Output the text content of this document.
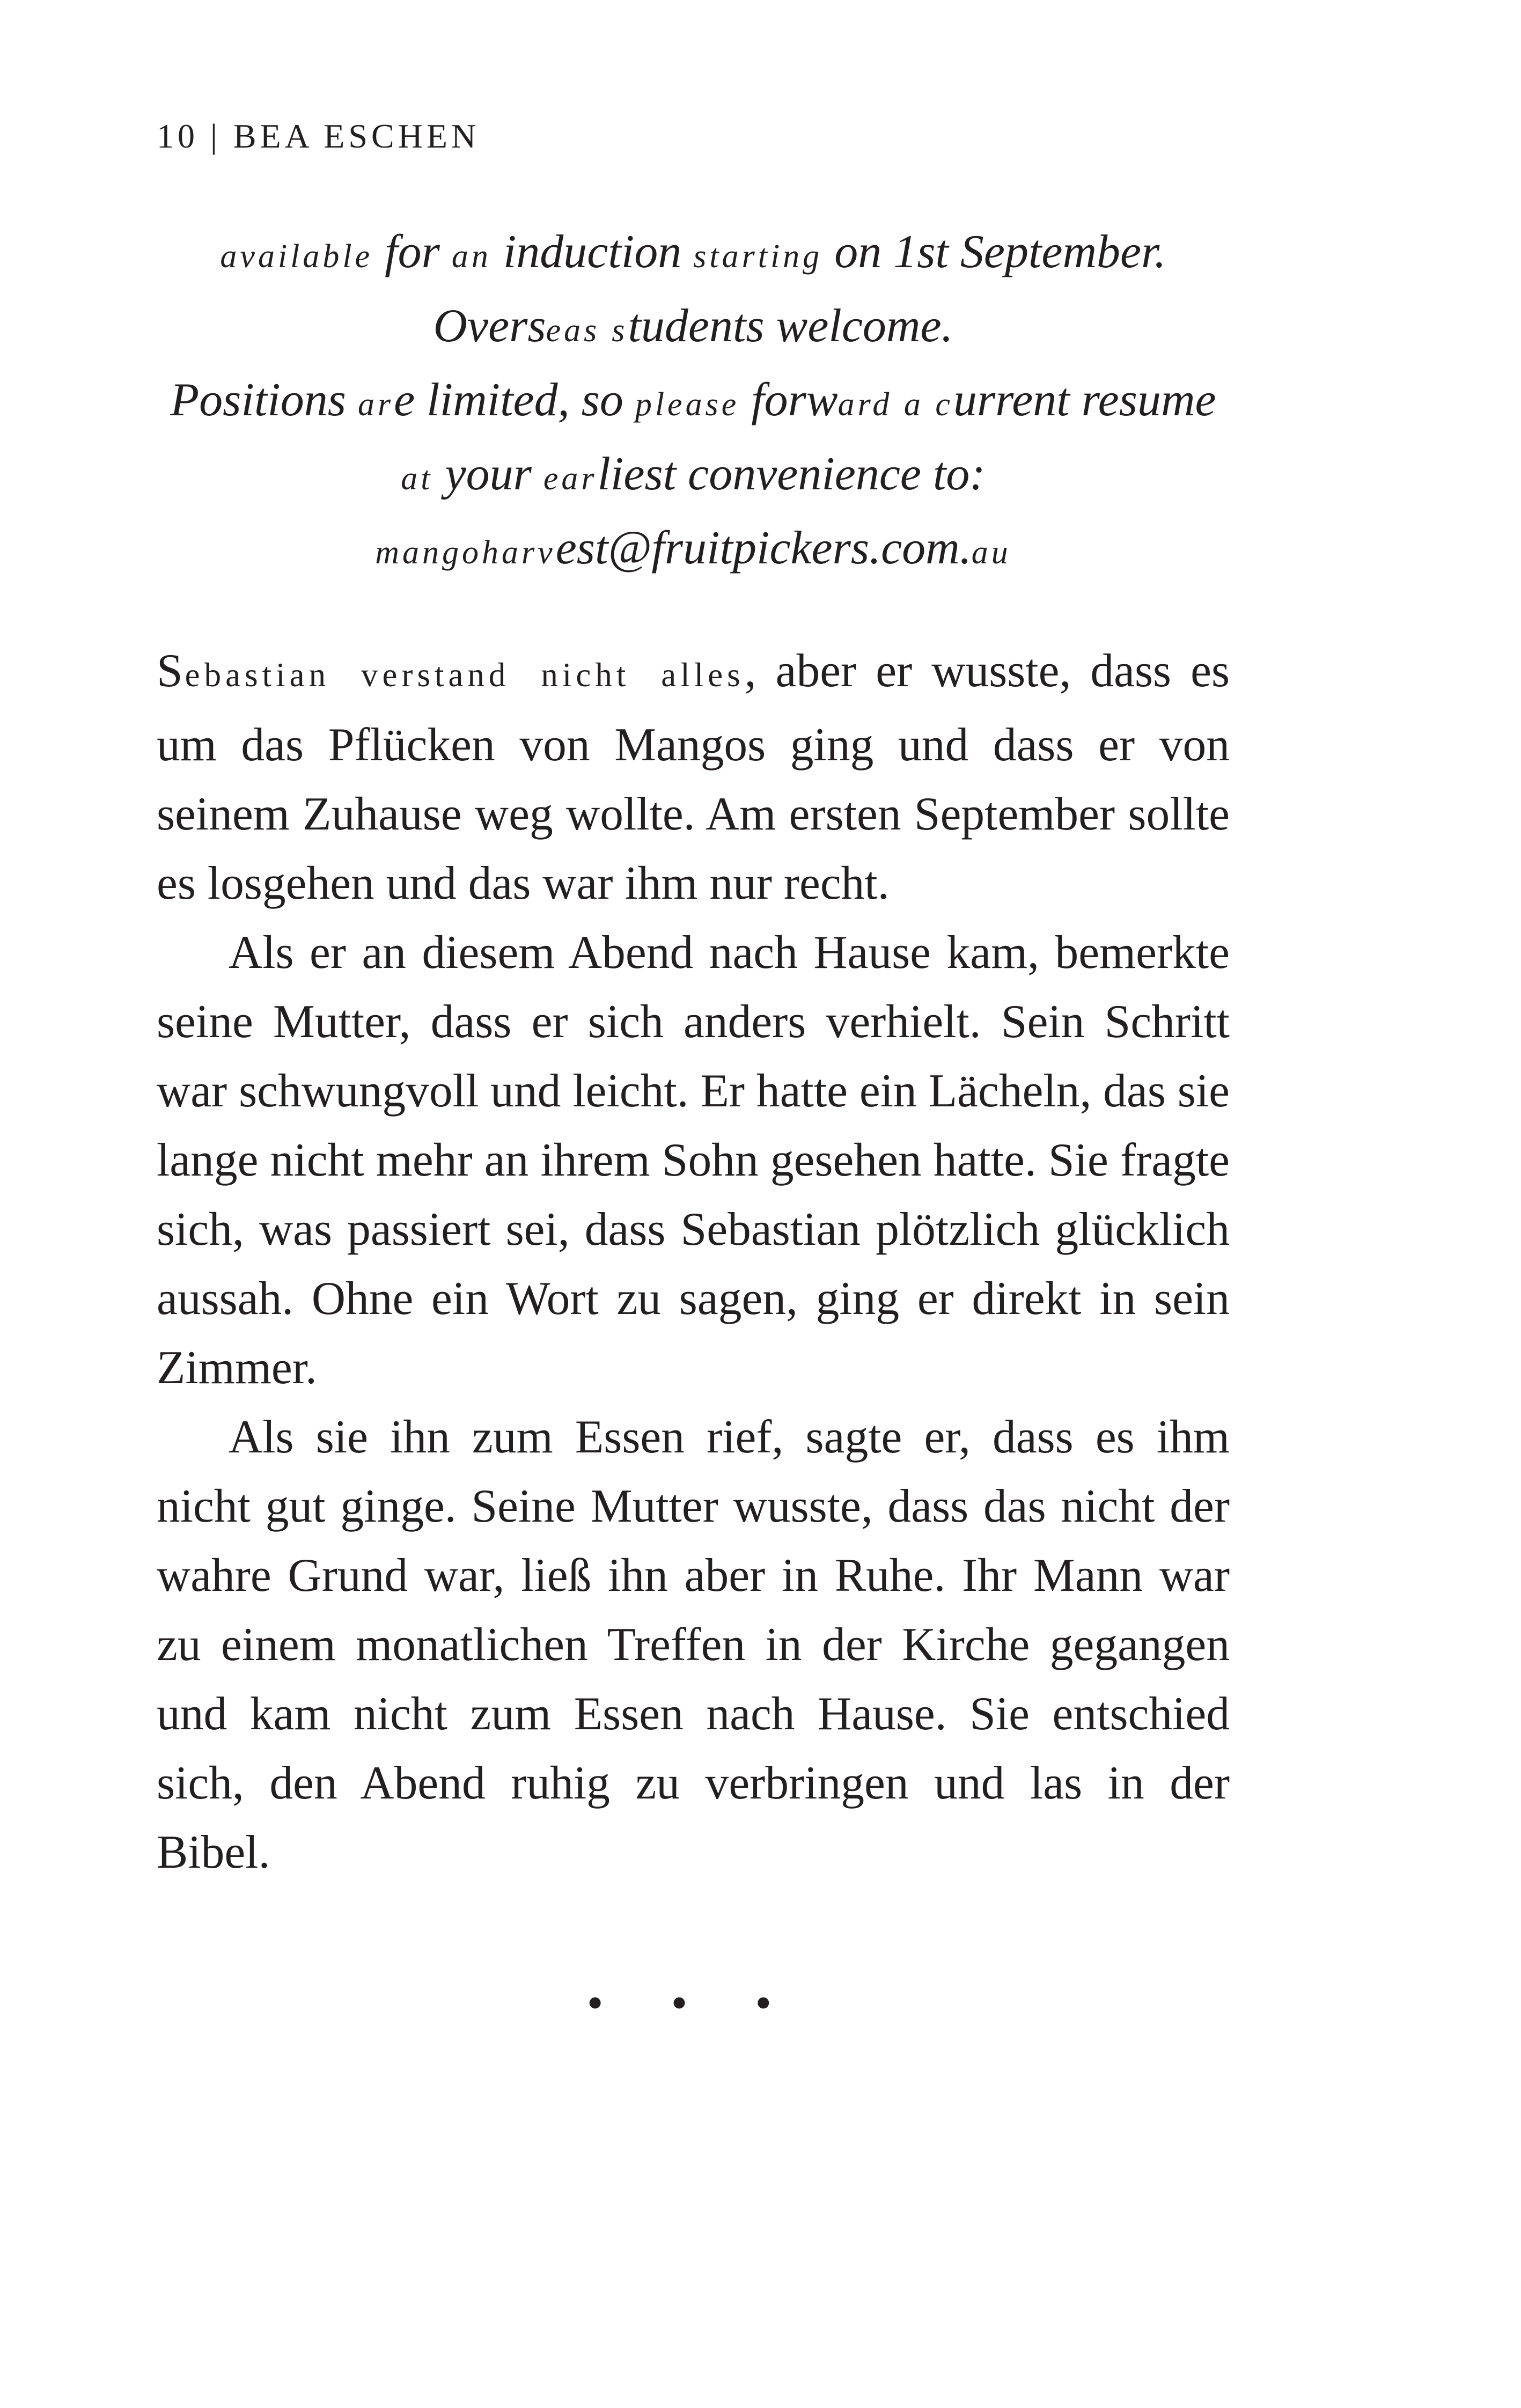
10 | BEA ESCHEN
available for an induction starting on 1st September.
Overseas students welcome.
Positions are limited, so please forward a current resume
at your earliest convenience to:
mangoharvest@fruitpickers.com.au

Sebastian verstand nicht alles, aber er wusste, dass es um das Pflücken von Mangos ging und dass er von seinem Zuhause weg wollte. Am ersten September sollte es losgehen und das war ihm nur recht.

Als er an diesem Abend nach Hause kam, bemerkte seine Mutter, dass er sich anders verhielt. Sein Schritt war schwungvoll und leicht. Er hatte ein Lächeln, das sie lange nicht mehr an ihrem Sohn gesehen hatte. Sie fragte sich, was passiert sei, dass Sebastian plötzlich glücklich aussah. Ohne ein Wort zu sagen, ging er direkt in sein Zimmer.

Als sie ihn zum Essen rief, sagte er, dass es ihm nicht gut ginge. Seine Mutter wusste, dass das nicht der wahre Grund war, ließ ihn aber in Ruhe. Ihr Mann war zu einem monatlichen Treffen in der Kirche gegangen und kam nicht zum Essen nach Hause. Sie entschied sich, den Abend ruhig zu verbringen und las in der Bibel.

• • •
